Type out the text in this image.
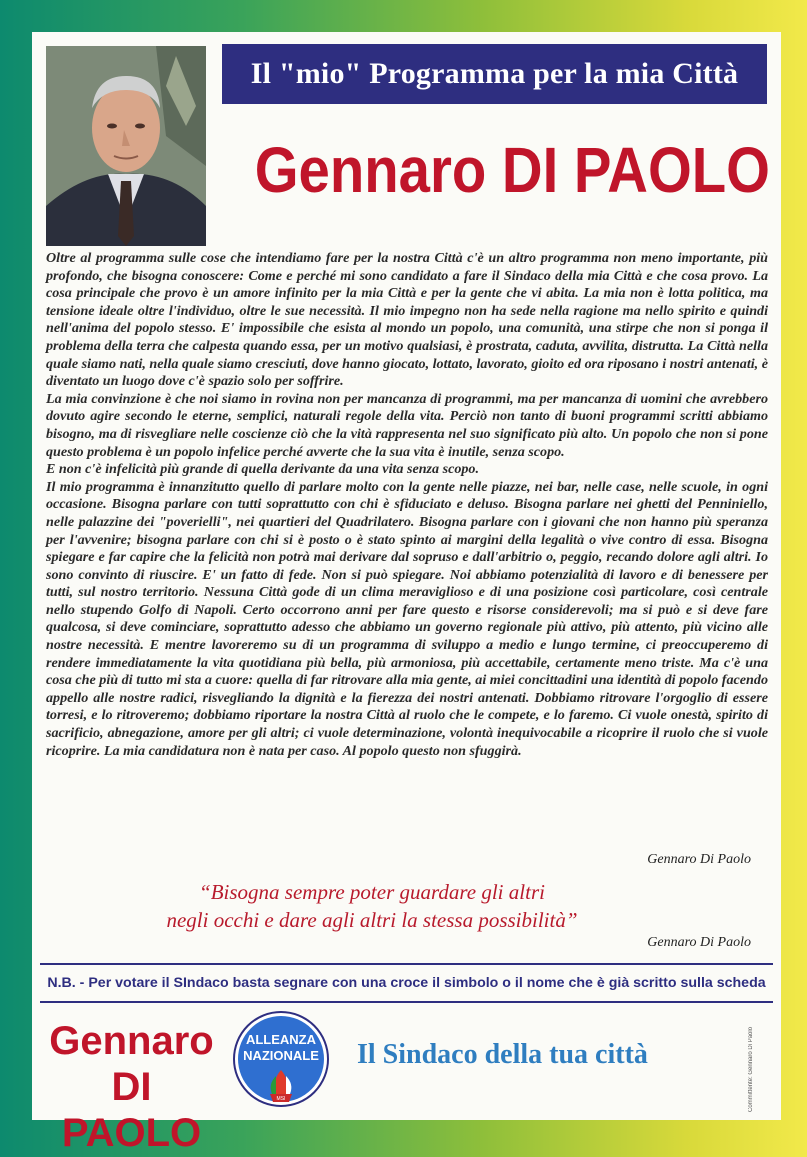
Il "mio" Programma per la mia Città
Gennaro DI PAOLO

Oltre al programma sulle cose che intendiamo fare per la nostra Città c'è un altro programma non meno importante, più profondo, che bisogna conoscere: Come e perché mi sono candidato a fare il Sindaco della mia Città e che cosa provo. La cosa principale che provo è un amore infinito per la mia Città e per la gente che vi abita. La mia non è lotta politica, ma tensione ideale oltre l'individuo, oltre le sue necessità. Il mio impegno non ha sede nella ragione ma nello spirito e quindi nell'anima del popolo stesso. E' impossibile che esista al mondo un popolo, una comunità, una stirpe che non si ponga il problema della terra che calpesta quando essa, per un motivo qualsiasi, è prostrata, caduta, avvilita, distrutta. La Città nella quale siamo nati, nella quale siamo cresciuti, dove hanno giocato, lottato, lavorato, gioito ed ora riposano i nostri antenati, è diventato un luogo dove c'è spazio solo per soffrire.

La mia convinzione è che noi siamo in rovina non per mancanza di programmi, ma per mancanza di uomini che avrebbero dovuto agire secondo le eterne, semplici, naturali regole della vita. Perciò non tanto di buoni programmi scritti abbiamo bisogno, ma di risvegliare nelle coscienze ciò che la vità rappresenta nel suo significato più alto. Un popolo che non si pone questo problema è un popolo infelice perché avverte che la sua vita è inutile, senza scopo.

E non c'è infelicità più grande di quella derivante da una vita senza scopo.

Il mio programma è innanzitutto quello di parlare molto con la gente nelle piazze, nei bar, nelle case, nelle scuole, in ogni occasione. Bisogna parlare con tutti soprattutto con chi è sfiduciato e deluso. Bisogna parlare nei ghetti del Penniniello, nelle palazzine dei "poverielli", nei quartieri del Quadrilatero. Bisogna parlare con i giovani che non hanno più speranza per l'avvenire; bisogna parlare con chi si è posto o è stato spinto ai margini della legalità o vive contro di essa. Bisogna spiegare e far capire che la felicità non potrà mai derivare dal sopruso e dall'arbitrio o, peggio, recando dolore agli altri. Io sono convinto di riuscire. E' un fatto di fede. Non si può spiegare. Noi abbiamo potenzialità di lavoro e di benessere per tutti, sul nostro territorio. Nessuna Città gode di un clima meraviglioso e di una posizione così particolare, così centrale nello stupendo Golfo di Napoli. Certo occorrono anni per fare questo e risorse considerevoli; ma si può e si deve fare qualcosa, si deve cominciare, soprattutto adesso che abbiamo un governo regionale più attivo, più attento, più vicino alle nostre necessità. E mentre lavoreremo su di un programma di sviluppo a medio e lungo termine, ci preoccuperemo di rendere immediatamente la vita quotidiana più bella, più armoniosa, più accettabile, certamente meno triste. Ma c'è una cosa che più di tutto mi sta a cuore: quella di far ritrovare alla mia gente, ai miei concittadini una identità di popolo facendo appello alle nostre radici, risvegliando la dignità e la fierezza dei nostri antenati. Dobbiamo ritrovare l'orgoglio di essere torresi, e lo ritroveremo; dobbiamo riportare la nostra Città al ruolo che le compete, e lo faremo. Ci vuole onestà, spirito di sacrificio, abnegazione, amore per gli altri; ci vuole determinazione, volontà inequivocabile a ricoprire il ruolo che si vuole ricoprire. La mia candidatura non è nata per caso. Al popolo questo non sfuggirà.

Gennaro Di Paolo
“Bisogna sempre poter guardare gli altri
negli occhi e dare agli altri la stessa possibilità”
Gennaro Di Paolo
N.B. - Per votare il SIndaco basta segnare con una croce il simbolo o il nome che è già scritto sulla scheda
Gennaro
DI PAOLO
MSI
ALLEANZA
NAZIONALE	Il Sindaco della tua città	Committente: Gennaro Di Paolo
